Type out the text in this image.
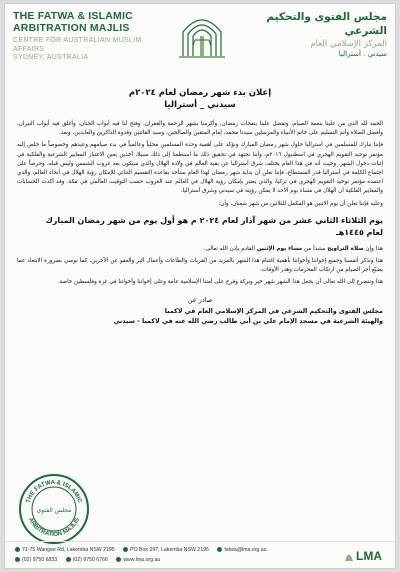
THE FATWA & ISLAMIC ARBITRATION MAJLIS
CENTRE FOR AUSTRALIAN MUSLIM AFFAIRS
SYDNEY, AUSTRALIA
مجلس الفتوى والتحكيم الشرعي
المركز الإسلامي العام
سيدني . أستراليا
إعلان بدء شهر رمضان لعام ٢٠٢٤م
سيدني _ أستراليا
الحمد لله الذي من علينا بنعمة الصيام، وتفضل علينا بنفحات رمضان، وأكرمنا بشهر الرحمة والغفران، وفتح لنا فيه أبواب الجنان، وأغلق فيه أبواب النيران، وأفضل الصلاة وأتم التسليم على خاتم الأنبياء والمرسلين سيدنا محمد، إمام المتقين والصالحين، وسيد القانتين وقدوة الذاكرين والعابدين، وبعد،
فإننا نبارك للمسلمين في أستراليا حلول شهر رمضان المبارك ونؤكد على أهمية وحدة المسلمين محلياً وعالمياً في بدء صيامهم وعيدهم وخصوصاً ما خلص إليه مؤتمر توحيد التقويم الهجري في اسطنبول ٢٠١٦م، وأننا نجتهد في تحقيق ذلك ما استطعنا إلى ذلك سبيلا، آخذين بعين الاعتبار المعايير الشرعية والفلكية في إثبات دخول الشهر. وحيث أنه في هذا العام يختلف شرق أستراليا عن بقية العالم في ولادة الهلال والذي سيكون بعد غروب الشمس وليس قبله، وحرصاً على اجتماع الكلمة في أستراليا قدر المستطاع، فإننا نعلن أن بداية شهر رمضان لهذا العام سنأخذ بقاعدة التقسيم الثنائي للإمكان رؤية الهلال في أنحاء العالم، والذي اعتمده مؤتمر توحيد التقويم الهجري في تركيا، والذي يعتبر بإمكان رؤية الهلال في العالم عند الغروب حسب التوقيت العالمي في مكة. وقد أكدت الحسابات والمعايير الفلكية أن الهلال في مساء يوم الأحد لا يمكن رؤيته في سيدني وشرق أستراليا.
وعليه فإننا نعلن أن يوم الاثنين هو المكمل للثلاثين من شهر شعبان، وأن:
يوم الثلاثاء الثاني عشر من شهر آذار لعام ٢٠٢٤ م هو أول يوم من شهر رمضان المبارك
لعام ١٤٤٥هـ
هذا وإن صلاة التراويح ستبدأ من مساء يوم الإثنين القادم بإذن الله تعالى.
هذا ونذكر أنفسنا وجميع إخواننا وأخواتنا بأهمية اغتنام هذا الشهر بالمزيد من القربات والطاعات وأعمال البر والعفو عن الآخرين، كما نوصي بضرورة الابتعاد عما يضيّع أجر الصيام من ارتكاب المحرمات وهدر الأوقات.
هذا ونتضرع إلى الله تعالى أن يجعل هذا الشهر شهر خير وبركة وفرج على أمتنا الإسلامية عامة وعلى إخواننا وأخواتنا في غزة وفلسطين خاصة.
صادر عن
مجلس الفتوى والتحكيم الشرعي في المركز الإسلامي العام في لاكمبا
والهيئة الشرعية في مسجد الإمام علي بن أبي طالب رضي الله عنه في لاكمبا - سيدني
THE FATWA & ISLAMIC
ARBITRATION MAJLIS
مجلس الفتوى
71-75 Wangee Rd, Lakemba NSW 2195	PO Box 297, Lakemba NSW 2195	fatwa@lma.org.au
(02) 9750 6833	(02) 9750 6766	www.lma.org.au	LMA
